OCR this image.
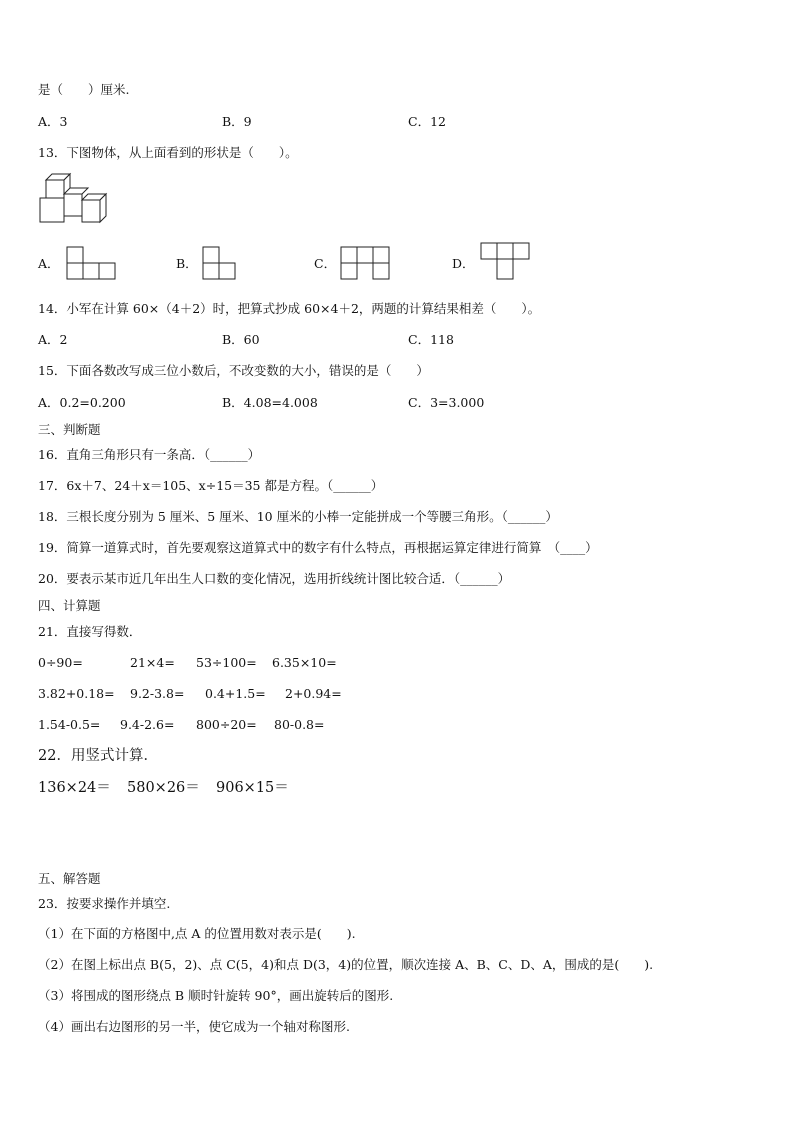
是（　　）厘米.
A．3	B．9	C．12
13．下图物体，从上面看到的形状是（　　）。
A．	B．	C．	D．
14．小军在计算 60×（4＋2）时，把算式抄成 60×4＋2，两题的计算结果相差（　　）。
A．2	B．60	C．118
15．下面各数改写成三位小数后，不改变数的大小，错误的是（　　）
A．0.2=0.200	B．4.08=4.008	C．3=3.000
三、判断题
16．直角三角形只有一条高．（______）
17．6x＋7、24＋x＝105、x÷15＝35 都是方程。（______）
18．三根长度分别为 5 厘米、5 厘米、10 厘米的小棒一定能拼成一个等腰三角形。（______）
19．简算一道算式时，首先要观察这道算式中的数字有什么特点，再根据运算定律进行简算　（____）
20．要表示某市近几年出生人口数的变化情况，选用折线统计图比较合适．（______）
四、计算题
21．直接写得数．
0÷90=	21×4= 53÷100= 6.35×10=
3.82+0.18= 9.2-3.8= 0.4+1.5= 2+0.94=
1.54-0.5= 9.4-2.6= 800÷20= 80-0.8=
22．用竖式计算．
136×24＝ 580×26＝ 906×15＝
五、解答题
23．按要求操作并填空.
（1）在下面的方格图中,点 A 的位置用数对表示是(　　).
（2）在图上标出点 B(5，2)、点 C(5，4)和点 D(3，4)的位置，顺次连接 A、B、C、D、A，围成的是(　　).
（3）将围成的图形绕点 B 顺时针旋转 90°，画出旋转后的图形.
（4）画出右边图形的另一半，使它成为一个轴对称图形.
